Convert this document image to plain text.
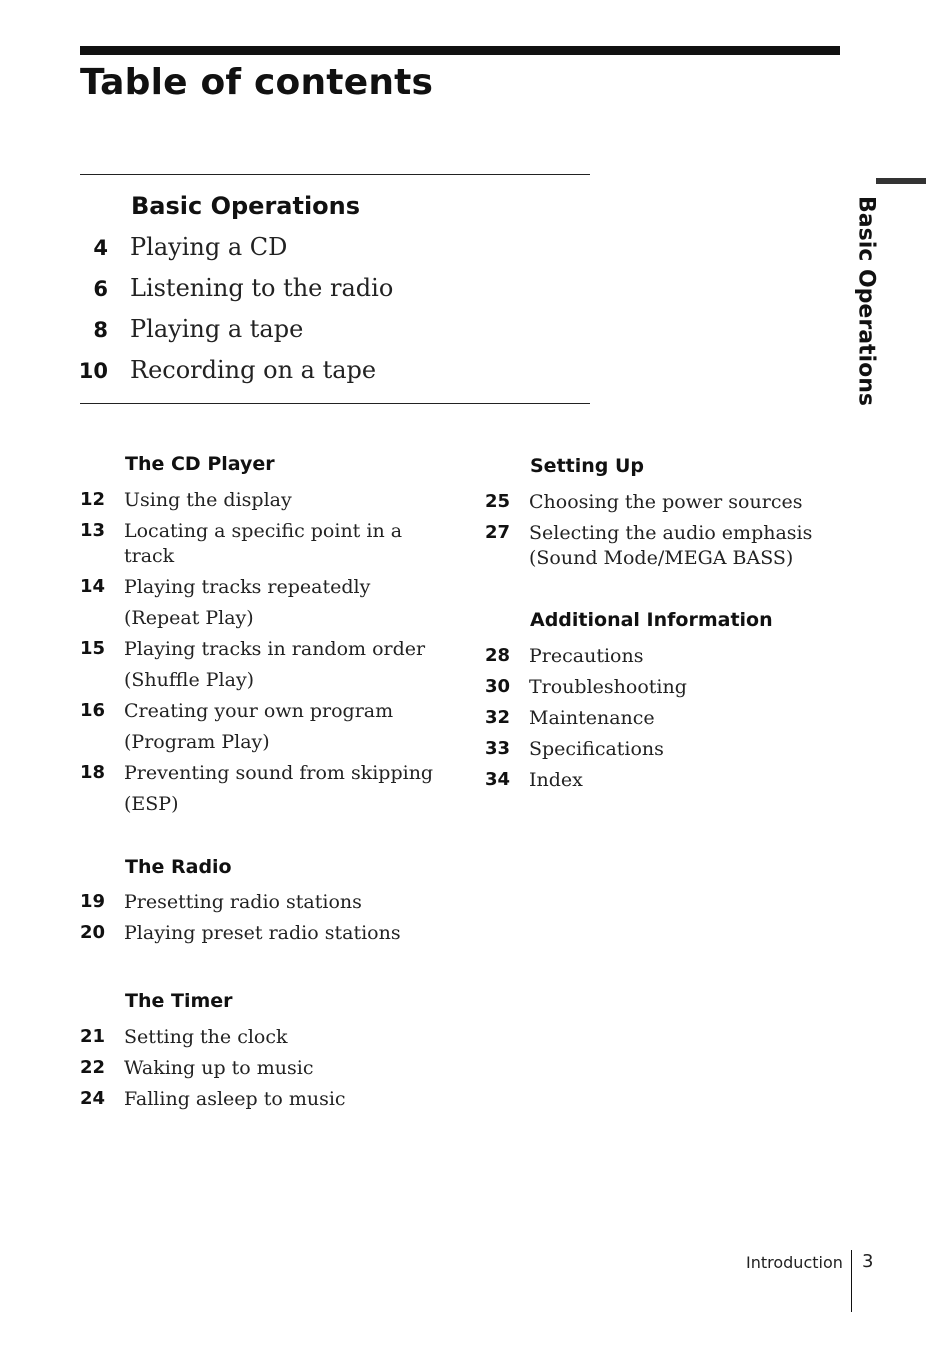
Table of contents
Basic Operations
4 Playing a CD
6 Listening to the radio
8 Playing a tape
10 Recording on a tape	Basic Operations
The CD Player
12 Using the display
13 Locating a specific point in a
track
14 Playing tracks repeatedly
(Repeat Play)
15 Playing tracks in random order
(Shuffle Play)
16 Creating your own program
(Program Play)
18 Preventing sound from skipping
(ESP)
The Radio
19 Presetting radio stations
20 Playing preset radio stations
The Timer
21 Setting the clock
22 Waking up to music
24 Falling asleep to music
Setting Up
25 Choosing the power sources
27 Selecting the audio emphasis
(Sound Mode/MEGA BASS)
Additional Information
28 Precautions
30 Troubleshooting
32 Maintenance
33 Specifications
34 Index
Introduction 3
